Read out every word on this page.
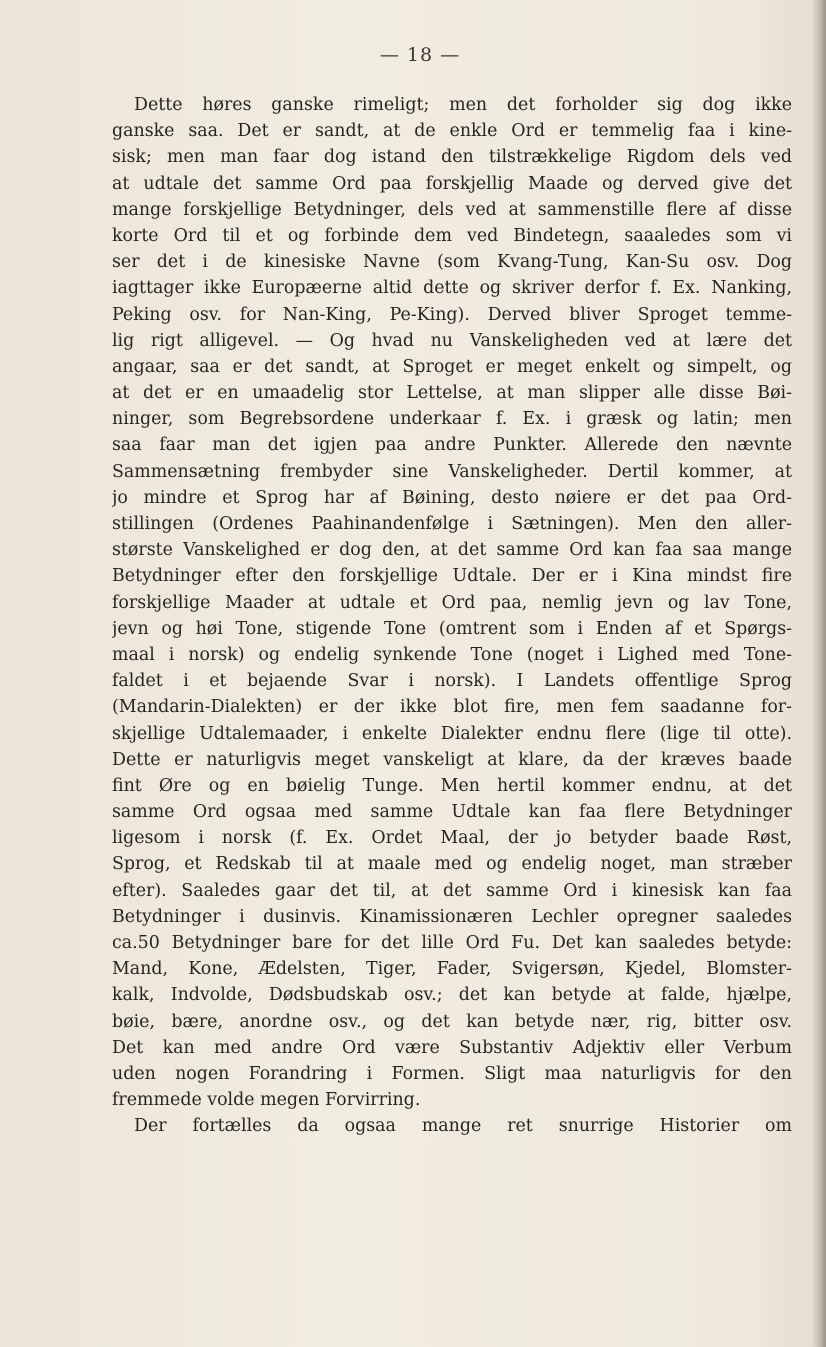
— 18 —
Dette høres ganske rimeligt; men det forholder sig dog ikke
ganske saa. Det er sandt, at de enkle Ord er temmelig faa i kine-
sisk; men man faar dog istand den tilstrækkelige Rigdom dels ved
at udtale det samme Ord paa forskjellig Maade og derved give det
mange forskjellige Betydninger, dels ved at sammenstille flere af disse
korte Ord til et og forbinde dem ved Bindetegn, saaaledes som vi
ser det i de kinesiske Navne (som Kvang-Tung, Kan-Su osv. Dog
iagttager ikke Europæerne altid dette og skriver derfor f. Ex. Nanking,
Peking osv. for Nan-King, Pe-King). Derved bliver Sproget temme-
lig rigt alligevel. — Og hvad nu Vanskeligheden ved at lære det
angaar, saa er det sandt, at Sproget er meget enkelt og simpelt, og
at det er en umaadelig stor Lettelse, at man slipper alle disse Bøi-
ninger, som Begrebsordene underkaar f. Ex. i græsk og latin; men
saa faar man det igjen paa andre Punkter. Allerede den nævnte
Sammensætning frembyder sine Vanskeligheder. Dertil kommer, at
jo mindre et Sprog har af Bøining, desto nøiere er det paa Ord-
stillingen (Ordenes Paahinandenfølge i Sætningen). Men den aller-
største Vanskelighed er dog den, at det samme Ord kan faa saa mange
Betydninger efter den forskjellige Udtale. Der er i Kina mindst fire
forskjellige Maader at udtale et Ord paa, nemlig jevn og lav Tone,
jevn og høi Tone, stigende Tone (omtrent som i Enden af et Spørgs-
maal i norsk) og endelig synkende Tone (noget i Lighed med Tone-
faldet i et bejaende Svar i norsk). I Landets offentlige Sprog
(Mandarin-Dialekten) er der ikke blot fire, men fem saadanne for-
skjellige Udtalemaader, i enkelte Dialekter endnu flere (lige til otte).
Dette er naturligvis meget vanskeligt at klare, da der kræves baade
fint Øre og en bøielig Tunge. Men hertil kommer endnu, at det
samme Ord ogsaa med samme Udtale kan faa flere Betydninger
ligesom i norsk (f. Ex. Ordet Maal, der jo betyder baade Røst,
Sprog, et Redskab til at maale med og endelig noget, man stræber
efter). Saaledes gaar det til, at det samme Ord i kinesisk kan faa
Betydninger i dusinvis. Kinamissionæren Lechler opregner saaledes
ca.50 Betydninger bare for det lille Ord Fu. Det kan saaledes betyde:
Mand, Kone, Ædelsten, Tiger, Fader, Svigersøn, Kjedel, Blomster-
kalk, Indvolde, Dødsbudskab osv.; det kan betyde at falde, hjælpe,
bøie, bære, anordne osv., og det kan betyde nær, rig, bitter osv.
Det kan med andre Ord være Substantiv Adjektiv eller Verbum
uden nogen Forandring i Formen. Sligt maa naturligvis for den
fremmede volde megen Forvirring.
Der fortælles da ogsaa mange ret snurrige Historier om
